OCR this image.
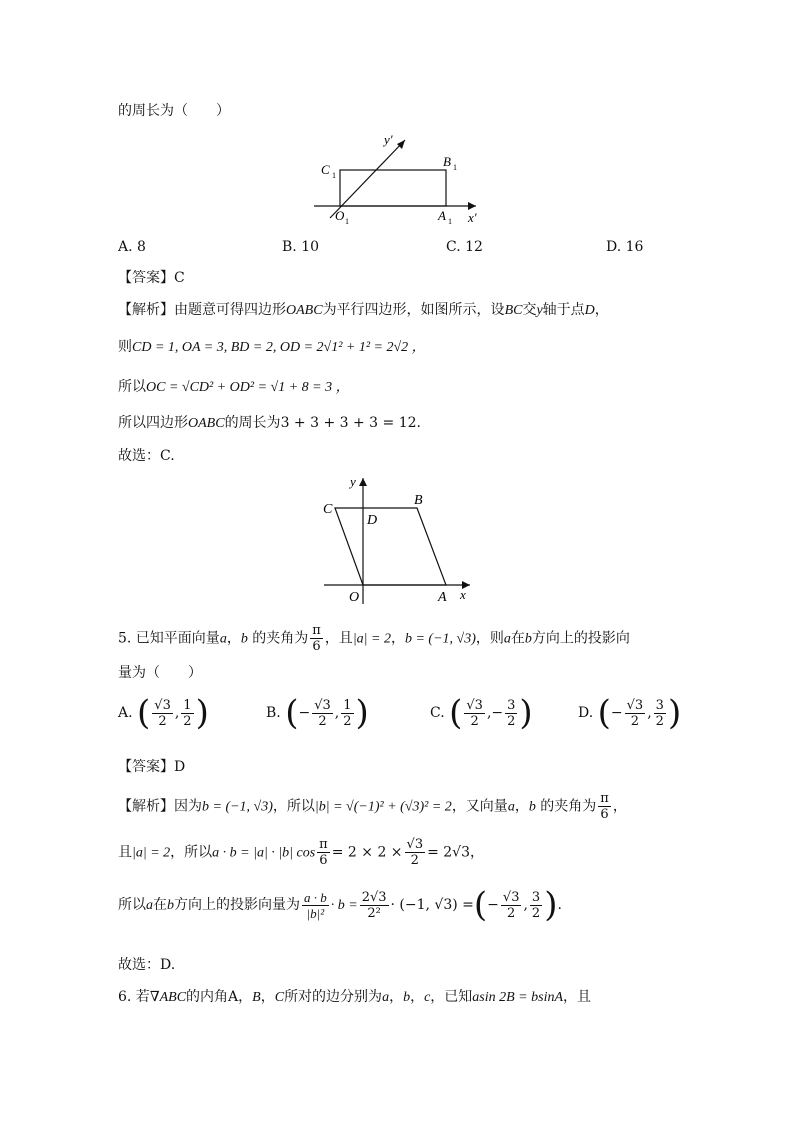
的周长为（　　）
y′
x′
C 1
B 1
O 1	A 1
A. 8	B. 10	C. 12	D. 16
【答案】C
【解析】由题意可得四边形OABC为平行四边形，如图所示，设BC交y轴于点D，
则CD = 1, OA = 3, BD = 2, OD = 2√1² + 1² = 2√2 ，
所以OC = √CD² + OD² = √1 + 8 = 3 ，
所以四边形OABC的周长为3 + 3 + 3 + 3 = 12.
故选：C.
y
x
C
B
D
O	A
5. 已知平面向量a，b 的夹角为 $\frac{\pi}{6}$ ，且|a| = 2，b = (−1, √3)，则a在b方向上的投影向
量为（　　）
A. ( $\frac{√3}{2}$ , $\frac{1}{2}$ )	B. (− $\frac{√3}{2}$ , $\frac{1}{2}$ )	C. ( $\frac{√3}{2}$ ,− $\frac{3}{2}$ )	D. (− $\frac{√3}{2}$ , $\frac{3}{2}$ )
【答案】D
【解析】因为b = (−1, √3)，所以|b| = √(−1)² + (√3)² = 2，又向量a，b 的夹角为 $\frac{\pi}{6}$ ，
且|a| = 2，所以a · b = |a| · |b| $\cos \frac{\pi}{6} = 2 \times 2 \times \frac{√3}{2} = 2√3$，
所以a在b方向上的投影向量为 $\frac{a \cdot b}{\text{|b|²}} \cdot b = \frac{2√3}{\text{2²}} \cdot (-1$, √3) =(− $\frac{√3}{2}$ , $\frac{3}{2}$ ).
故选：D.
6. 若∇ABC的内角A，B，C所对的边分别为a，b，c，已知asin 2B = bsinA，且
